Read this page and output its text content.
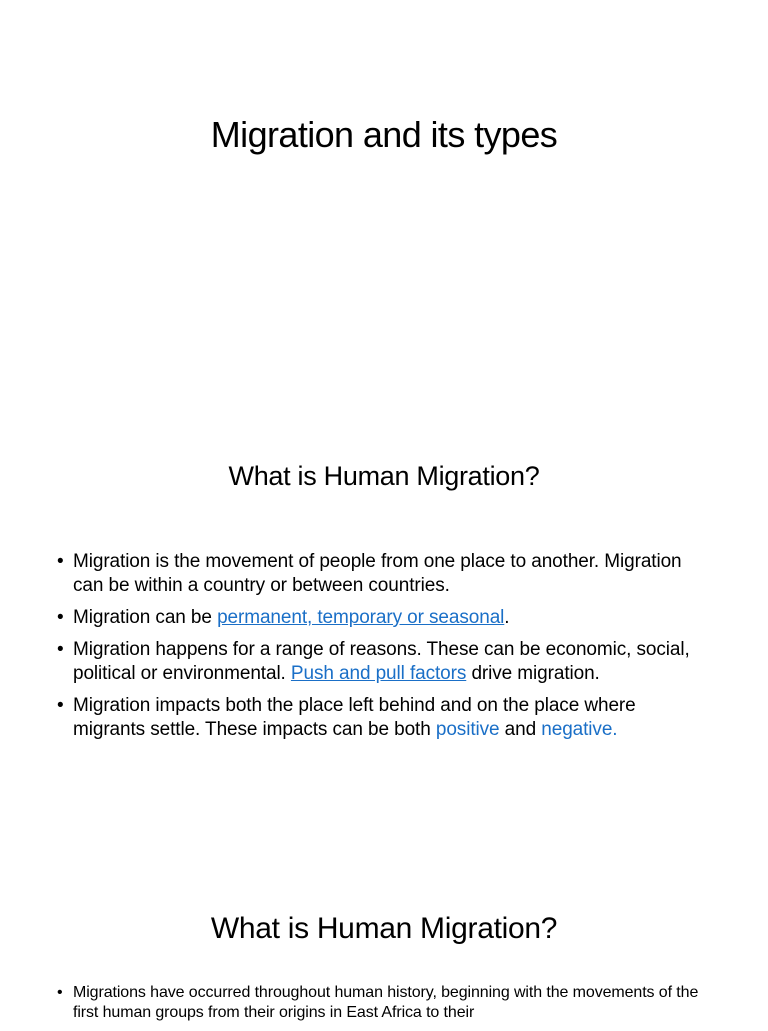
Migration and its types
What is Human Migration?
• Migration is the movement of people from one place to another. Migration can be within a country or between countries.
• Migration can be permanent, temporary or seasonal.
• Migration happens for a range of reasons. These can be economic, social, political or environmental. Push and pull factors drive migration.
• Migration impacts both the place left behind and on the place where migrants settle. These impacts can be both positive and negative.
What is Human Migration?
• Migrations have occurred throughout human history, beginning with the movements of the first human groups from their origins in East Africa to their
